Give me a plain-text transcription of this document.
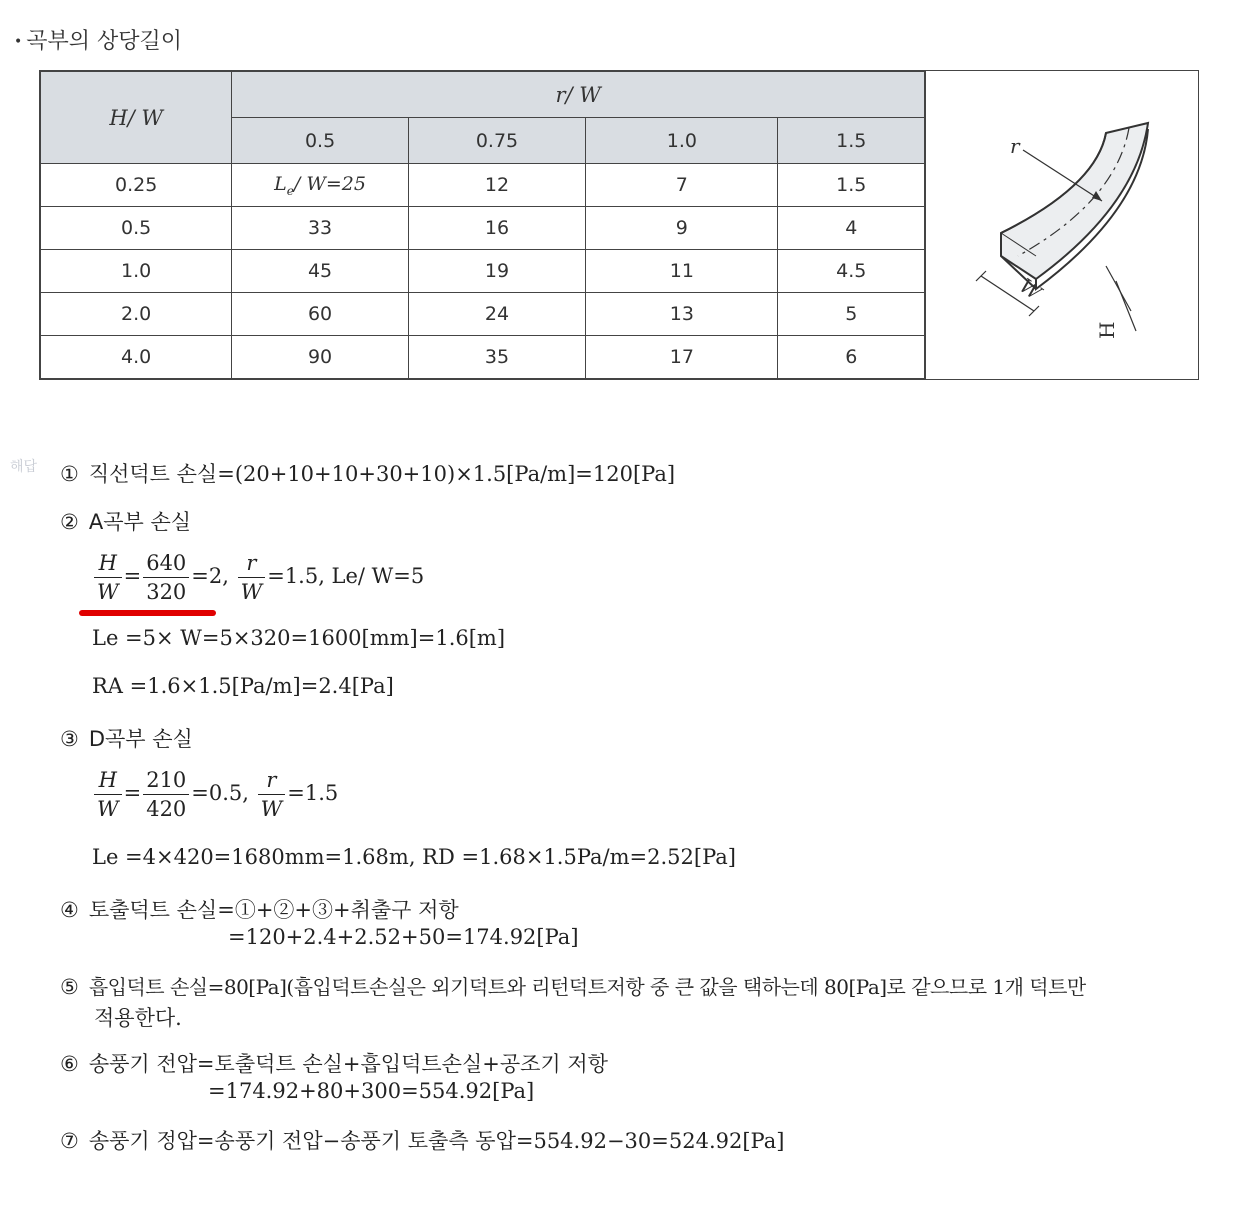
• 곡부의 상당길이
H/ W	r/ W			
	0.5	0.75	1.0	1.5
0.25	$L_e/$ W=25	12	7	1.5
0.5	33	16	9	4
1.0	45	19	11	4.5
2.0	60	24	13	5
4.0	90	35	17	6
r
W
H
해답 ① 직선덕트 손실=(20+10+10+30+10)×1.5[Pa/m]=120[Pa]
② A곡부 손실
$\frac{H}{W} = \frac{640}{320} =2$, $\frac{r}{W} =1.5$, Le/ W=5
Le =5× W=5×320=1600[mm]=1.6[m]
RA =1.6×1.5[Pa/m]=2.4[Pa]
③ D곡부 손실
$\frac{H}{W} = \frac{210}{420} =0.5$, $\frac{r}{W} =1.5$
Le =4×420=1680mm=1.68m, RD =1.68×1.5Pa/m=2.52[Pa]
④ 토출덕트 손실=①+②+③+취출구 저항
=120+2.4+2.52+50=174.92[Pa]
⑤ 흡입덕트 손실=80[Pa](흡입덕트손실은 외기덕트와 리턴덕트저항 중 큰 값을 택하는데 80[Pa]로 같으므로 1개 덕트만
적용한다.
⑥ 송풍기 전압=토출덕트 손실+흡입덕트손실+공조기 저항
=174.92+80+300=554.92[Pa]
⑦ 송풍기 정압=송풍기 전압−송풍기 토출측 동압=554.92−30=524.92[Pa]
